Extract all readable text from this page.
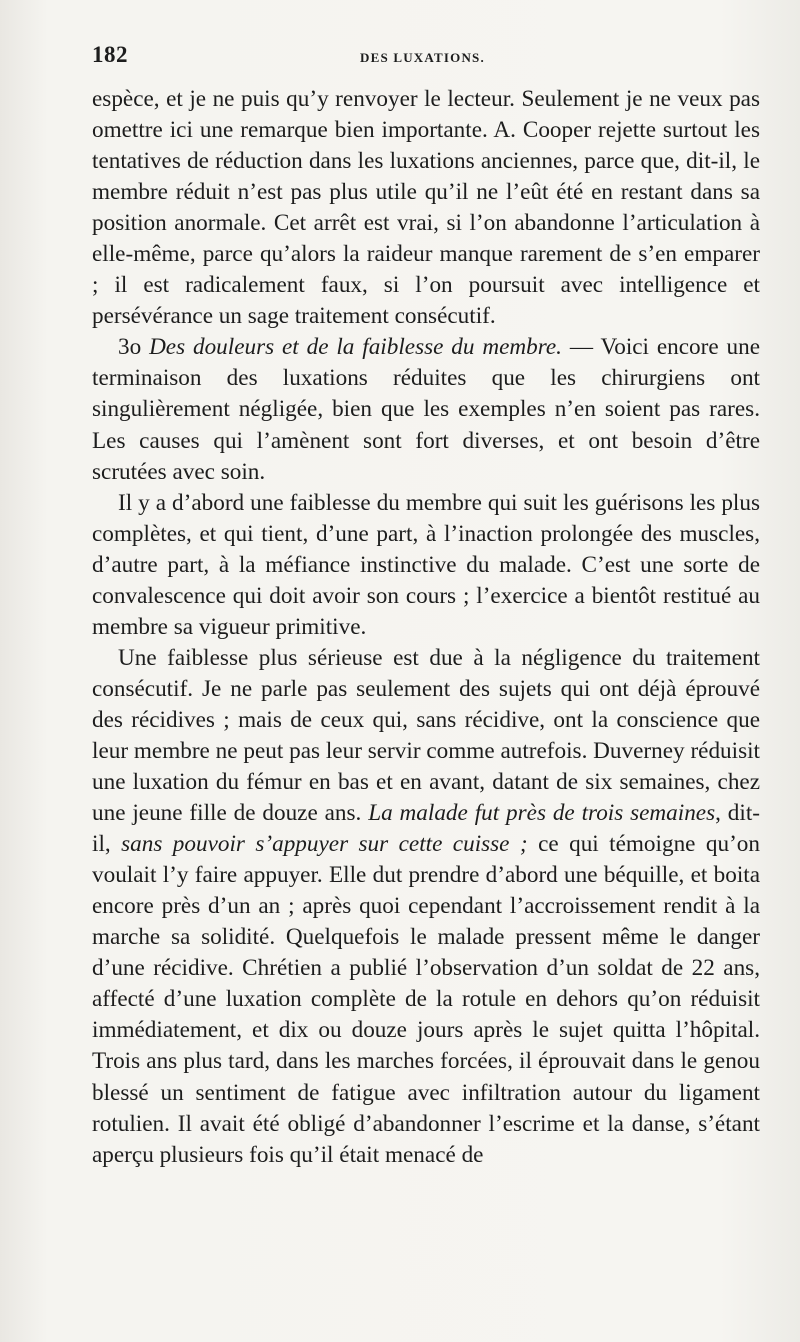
182	DES LUXATIONS.

espèce, et je ne puis qu’y renvoyer le lecteur. Seulement je ne veux pas omettre ici une remarque bien importante. A. Cooper rejette surtout les tentatives de réduction dans les luxations anciennes, parce que, dit-il, le membre réduit n’est pas plus utile qu’il ne l’eût été en restant dans sa position anormale. Cet arrêt est vrai, si l’on abandonne l’articulation à elle-même, parce qu’alors la raideur manque rarement de s’en emparer ; il est radicalement faux, si l’on poursuit avec intelligence et persévérance un sage traitement consécutif.

3o Des douleurs et de la faiblesse du membre. — Voici encore une terminaison des luxations réduites que les chirurgiens ont singulièrement négligée, bien que les exemples n’en soient pas rares. Les causes qui l’amènent sont fort diverses, et ont besoin d’être scrutées avec soin.

Il y a d’abord une faiblesse du membre qui suit les guérisons les plus complètes, et qui tient, d’une part, à l’inaction prolongée des muscles, d’autre part, à la méfiance instinctive du malade. C’est une sorte de convalescence qui doit avoir son cours ; l’exercice a bientôt restitué au membre sa vigueur primitive.

Une faiblesse plus sérieuse est due à la négligence du traitement consécutif. Je ne parle pas seulement des sujets qui ont déjà éprouvé des récidives ; mais de ceux qui, sans récidive, ont la conscience que leur membre ne peut pas leur servir comme autrefois. Duverney réduisit une luxation du fémur en bas et en avant, datant de six semaines, chez une jeune fille de douze ans. La malade fut près de trois semaines, dit-il, sans pouvoir s’appuyer sur cette cuisse ; ce qui témoigne qu’on voulait l’y faire appuyer. Elle dut prendre d’abord une béquille, et boita encore près d’un an ; après quoi cependant l’accroissement rendit à la marche sa solidité. Quelquefois le malade pressent même le danger d’une récidive. Chrétien a publié l’observation d’un soldat de 22 ans, affecté d’une luxation complète de la rotule en dehors qu’on réduisit immédiatement, et dix ou douze jours après le sujet quitta l’hôpital. Trois ans plus tard, dans les marches forcées, il éprouvait dans le genou blessé un sentiment de fatigue avec infiltration autour du ligament rotulien. Il avait été obligé d’abandonner l’escrime et la danse, s’étant aperçu plusieurs fois qu’il était menacé de
